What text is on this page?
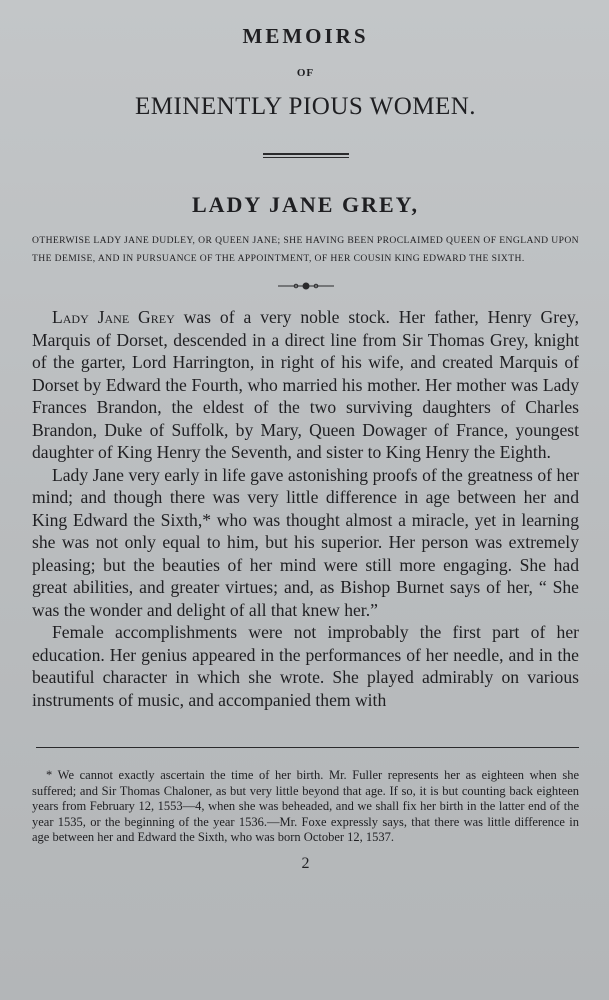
MEMOIRS
OF
EMINENTLY PIOUS WOMEN.
LADY JANE GREY,
OTHERWISE LADY JANE DUDLEY, OR QUEEN JANE; SHE HAVING BEEN PROCLAIMED QUEEN OF ENGLAND UPON THE DEMISE, AND IN PURSUANCE OF THE APPOINTMENT, OF HER COUSIN KING EDWARD THE SIXTH.

Lady Jane Grey was of a very noble stock. Her father, Henry Grey, Marquis of Dorset, descended in a direct line from Sir Thomas Grey, knight of the garter, Lord Harrington, in right of his wife, and created Marquis of Dorset by Edward the Fourth, who married his mother. Her mother was Lady Frances Brandon, the eldest of the two surviving daughters of Charles Brandon, Duke of Suffolk, by Mary, Queen Dowager of France, youngest daughter of King Henry the Seventh, and sister to King Henry the Eighth.

Lady Jane very early in life gave astonishing proofs of the greatness of her mind; and though there was very little difference in age between her and King Edward the Sixth,* who was thought almost a miracle, yet in learning she was not only equal to him, but his superior. Her person was extremely pleasing; but the beauties of her mind were still more engaging. She had great abilities, and greater virtues; and, as Bishop Burnet says of her, “ She was the wonder and delight of all that knew her.”

Female accomplishments were not improbably the first part of her education. Her genius appeared in the performances of her needle, and in the beautiful character in which she wrote. She played admirably on various instruments of music, and accompanied them with

* We cannot exactly ascertain the time of her birth. Mr. Fuller represents her as eighteen when she suffered; and Sir Thomas Chaloner, as but very little beyond that age. If so, it is but counting back eighteen years from February 12, 1553—4, when she was beheaded, and we shall fix her birth in the latter end of the year 1535, or the beginning of the year 1536.—Mr. Foxe expressly says, that there was little difference in age between her and Edward the Sixth, who was born October 12, 1537.

2
